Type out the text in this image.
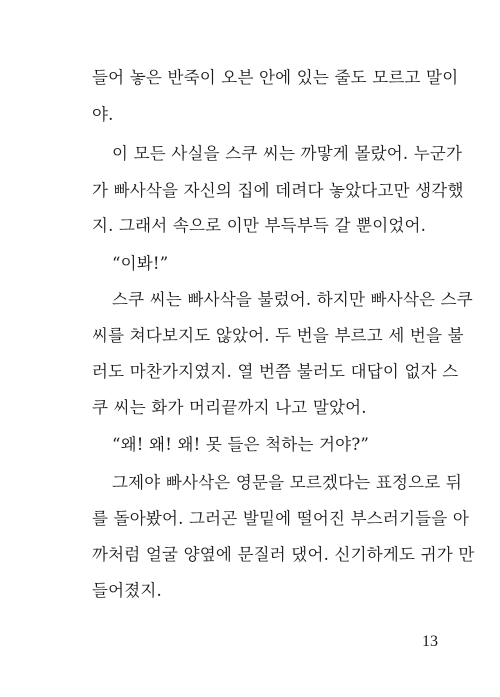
들어 놓은 반죽이 오븐 안에 있는 줄도 모르고 말이
야.
이 모든 사실을 스쿠 씨는 까맣게 몰랐어. 누군가
가 빠사삭을 자신의 집에 데려다 놓았다고만 생각했
지. 그래서 속으로 이만 부득부득 갈 뿐이었어.
“이봐!”
스쿠 씨는 빠사삭을 불렀어. 하지만 빠사삭은 스쿠
씨를 쳐다보지도 않았어. 두 번을 부르고 세 번을 불
러도 마찬가지였지. 열 번쯤 불러도 대답이 없자 스
쿠 씨는 화가 머리끝까지 나고 말았어.
“왜! 왜! 왜! 못 들은 척하는 거야?”
그제야 빠사삭은 영문을 모르겠다는 표정으로 뒤
를 돌아봤어. 그러곤 발밑에 떨어진 부스러기들을 아
까처럼 얼굴 양옆에 문질러 댔어. 신기하게도 귀가 만
들어졌지.
13
